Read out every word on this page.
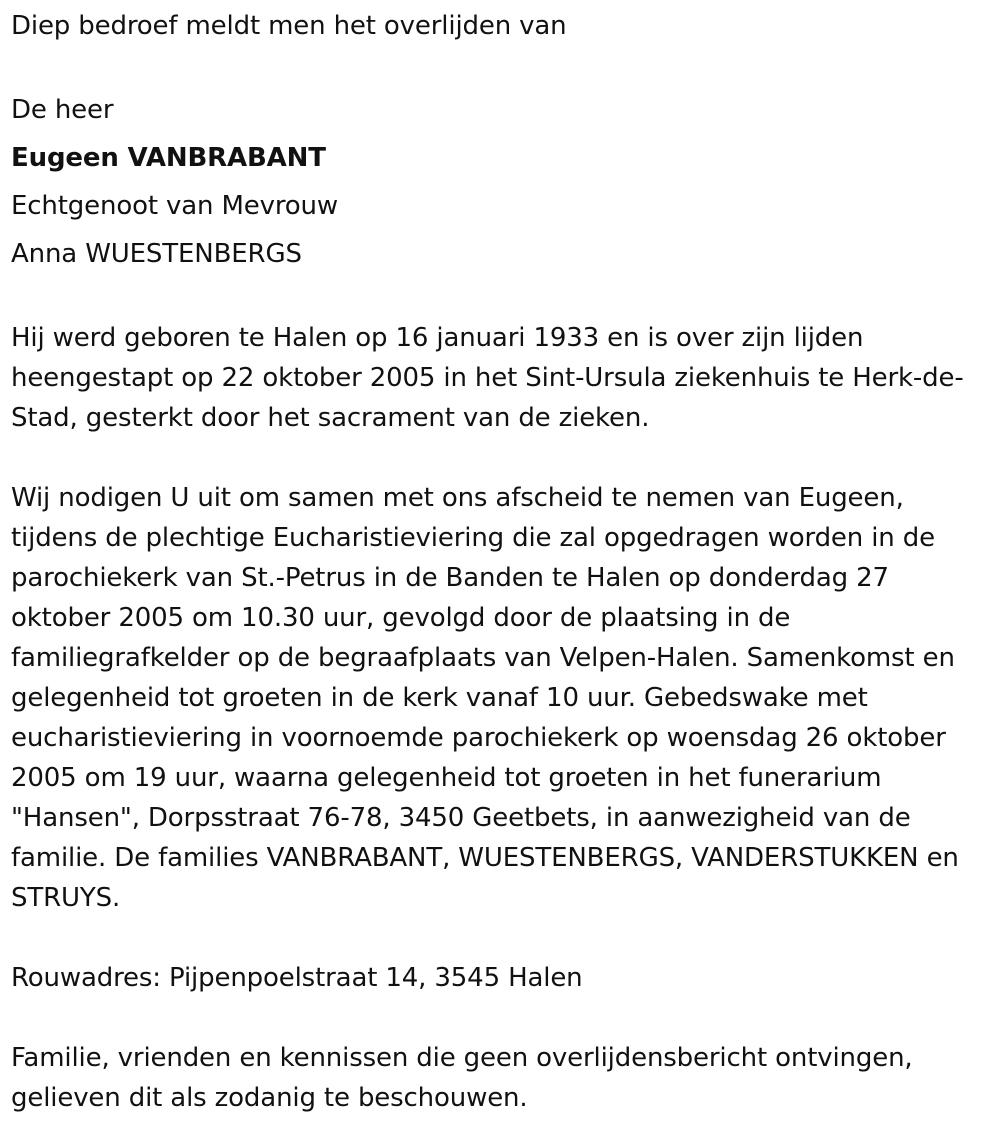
Diep bedroef meldt men het overlijden van

De heer

Eugeen VANBRABANT

Echtgenoot van Mevrouw

Anna WUESTENBERGS

Hij werd geboren te Halen op 16 januari 1933 en is over zijn lijden heengestapt op 22 oktober 2005 in het Sint-Ursula ziekenhuis te Herk-de-Stad, gesterkt door het sacrament van de zieken.

Wij nodigen U uit om samen met ons afscheid te nemen van Eugeen, tijdens de plechtige Eucharistieviering die zal opgedragen worden in de parochiekerk van St.-Petrus in de Banden te Halen op donderdag 27 oktober 2005 om 10.30 uur, gevolgd door de plaatsing in de familiegrafkelder op de begraafplaats van Velpen-Halen. Samenkomst en gelegenheid tot groeten in de kerk vanaf 10 uur. Gebedswake met eucharistieviering in voornoemde parochiekerk op woensdag 26 oktober 2005 om 19 uur, waarna gelegenheid tot groeten in het funerarium "Hansen", Dorpsstraat 76-78, 3450 Geetbets, in aanwezigheid van de familie. De families VANBRABANT, WUESTENBERGS, VANDERSTUKKEN en STRUYS.

Rouwadres: Pijpenpoelstraat 14, 3545 Halen

Familie, vrienden en kennissen die geen overlijdensbericht ontvingen, gelieven dit als zodanig te beschouwen.
